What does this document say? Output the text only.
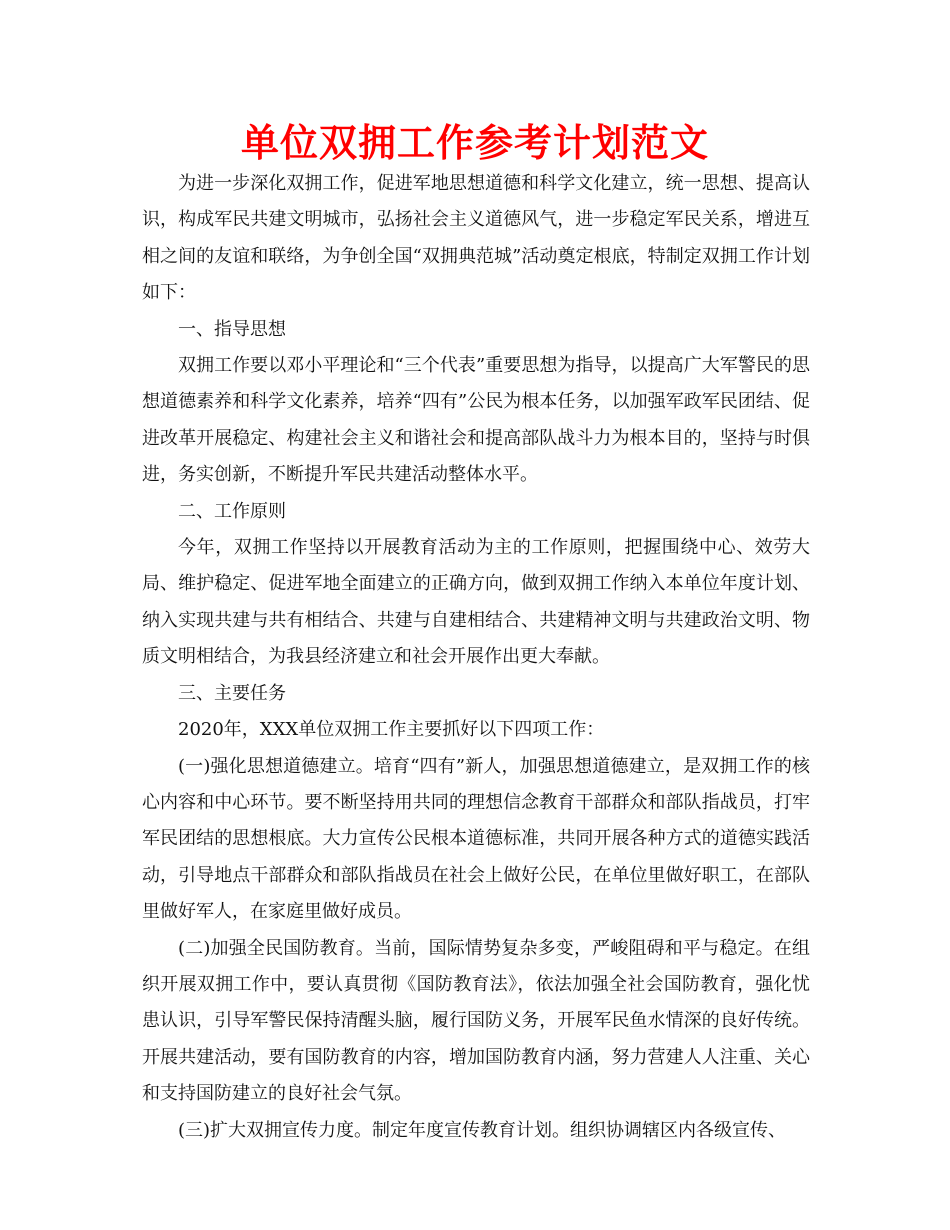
单位双拥工作参考计划范文

为进一步深化双拥工作，促进军地思想道德和科学文化建立，统一思想、提高认识，构成军民共建文明城市，弘扬社会主义道德风气，进一步稳定军民关系，增进互相之间的友谊和联络，为争创全国“双拥典范城”活动奠定根底，特制定双拥工作计划如下：

一、指导思想

双拥工作要以邓小平理论和“三个代表”重要思想为指导，以提高广大军警民的思想道德素养和科学文化素养，培养“四有”公民为根本任务，以加强军政军民团结、促进改革开展稳定、构建社会主义和谐社会和提高部队战斗力为根本目的，坚持与时俱进，务实创新，不断提升军民共建活动整体水平。

二、工作原则

今年，双拥工作坚持以开展教育活动为主的工作原则，把握围绕中心、效劳大局、维护稳定、促进军地全面建立的正确方向，做到双拥工作纳入本单位年度计划、纳入实现共建与共有相结合、共建与自建相结合、共建精神文明与共建政治文明、物质文明相结合，为我县经济建立和社会开展作出更大奉献。

三、主要任务

2020年，XXX单位双拥工作主要抓好以下四项工作：

(一)强化思想道德建立。培育“四有”新人，加强思想道德建立，是双拥工作的核心内容和中心环节。要不断坚持用共同的理想信念教育干部群众和部队指战员，打牢军民团结的思想根底。大力宣传公民根本道德标准，共同开展各种方式的道德实践活动，引导地点干部群众和部队指战员在社会上做好公民，在单位里做好职工，在部队里做好军人，在家庭里做好成员。

(二)加强全民国防教育。当前，国际情势复杂多变，严峻阻碍和平与稳定。在组织开展双拥工作中，要认真贯彻《国防教育法》，依法加强全社会国防教育，强化忧患认识，引导军警民保持清醒头脑，履行国防义务，开展军民鱼水情深的良好传统。开展共建活动，要有国防教育的内容，增加国防教育内涵，努力营建人人注重、关心和支持国防建立的良好社会气氛。

(三)扩大双拥宣传力度。制定年度宣传教育计划。组织协调辖区内各级宣传、
